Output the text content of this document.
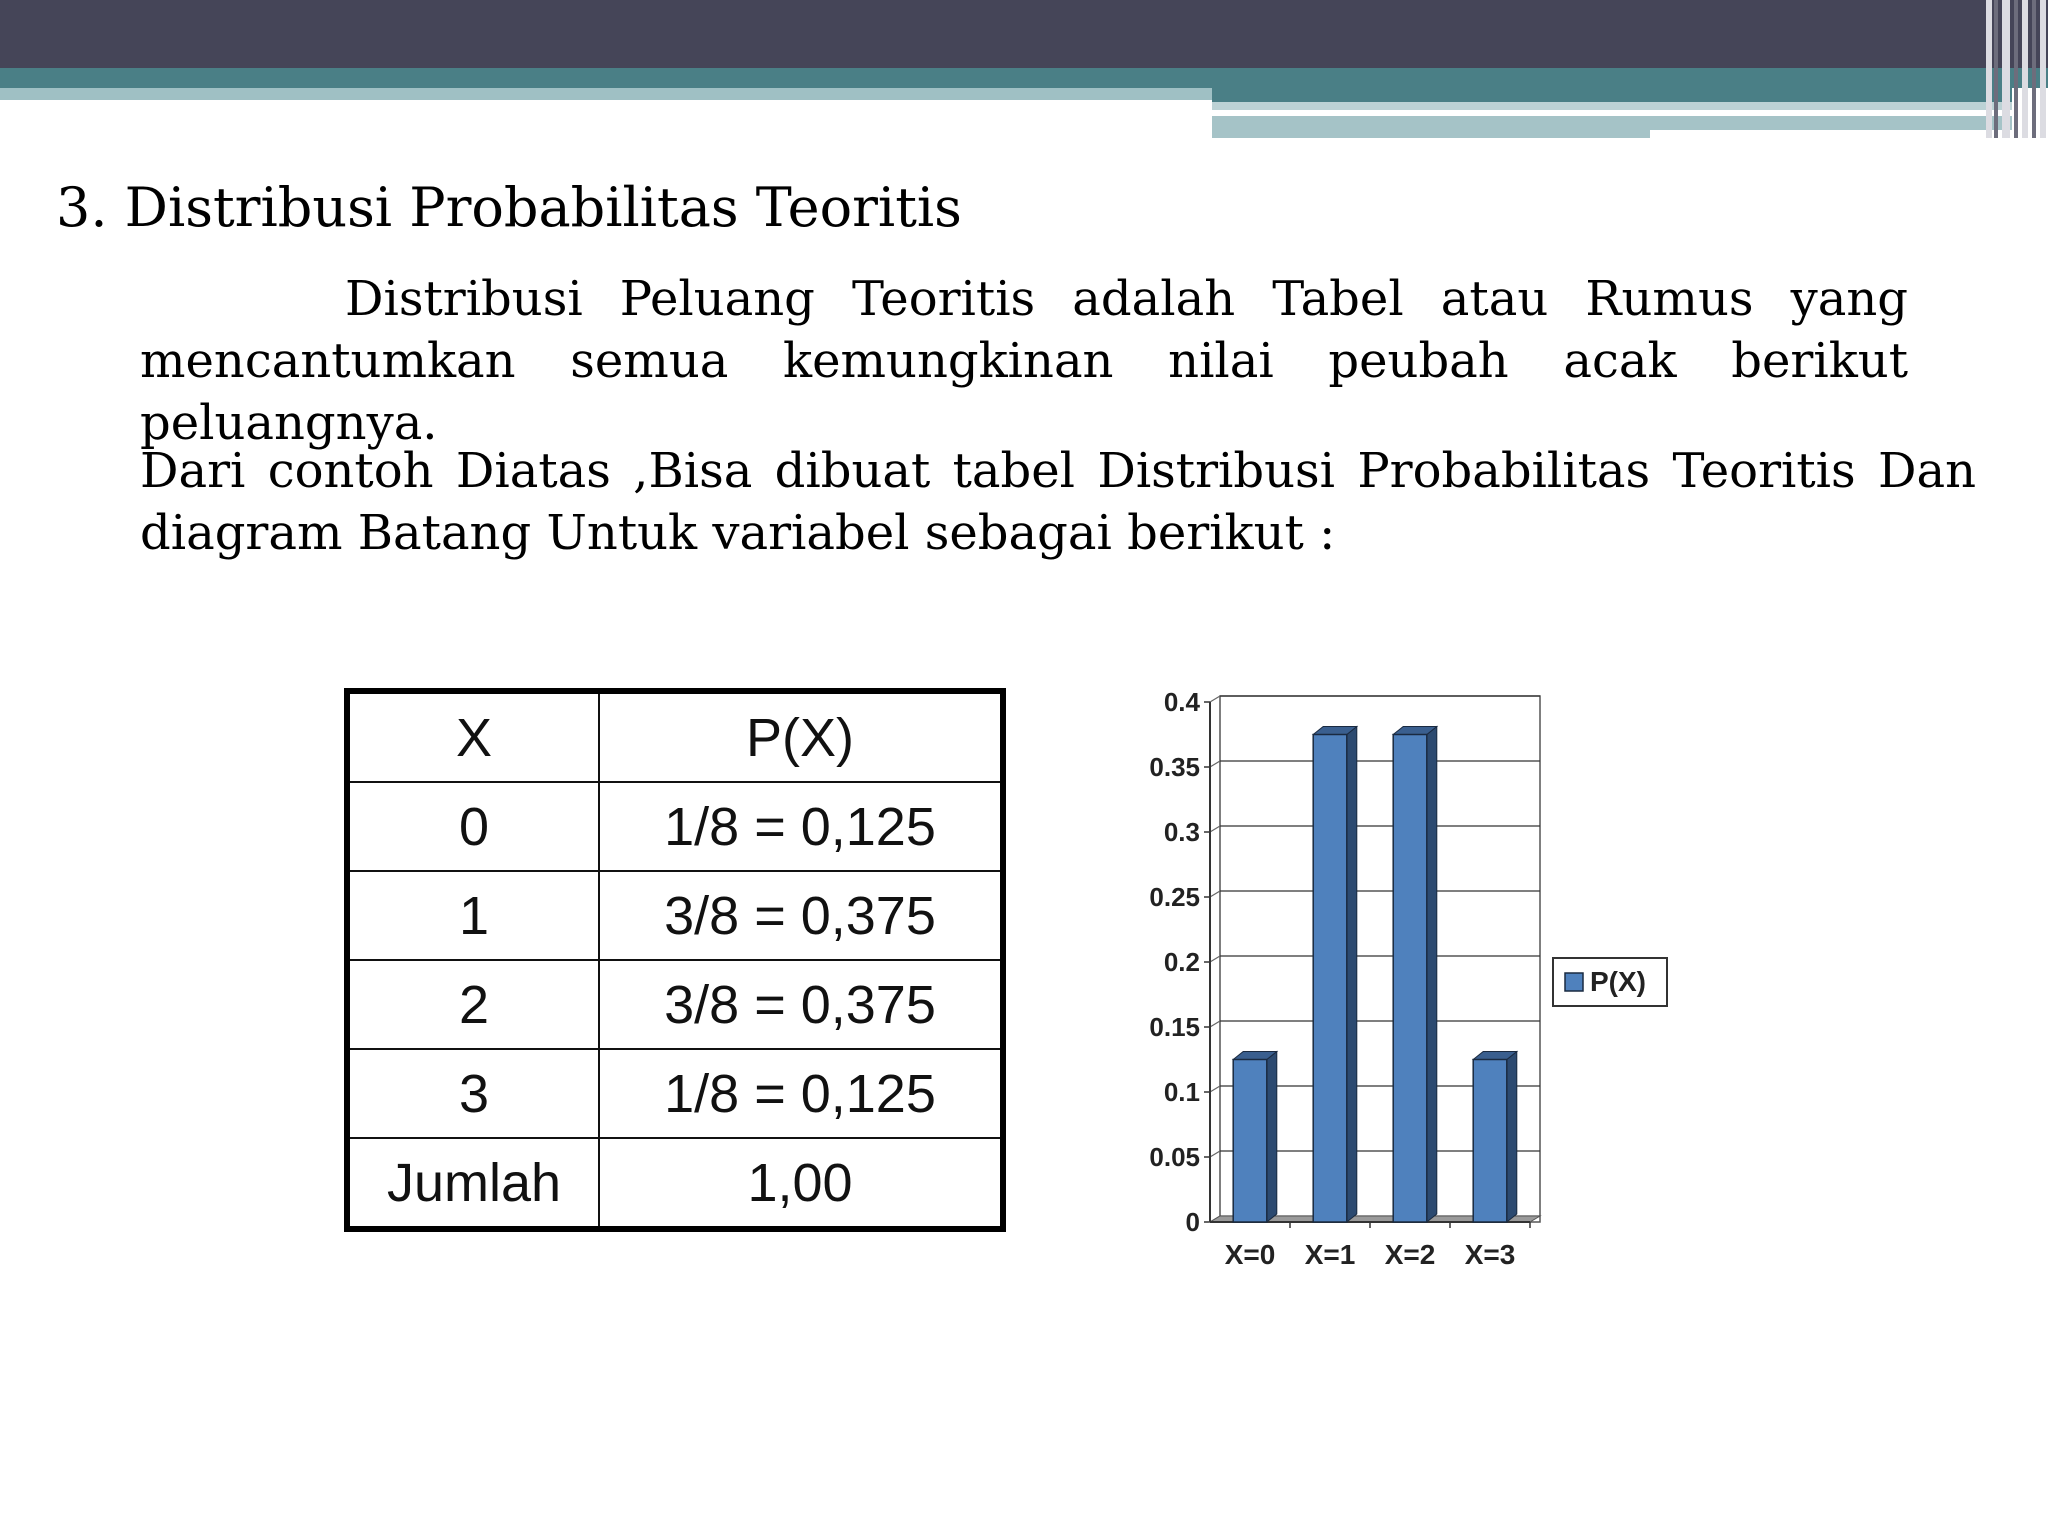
3. Distribusi Probabilitas Teoritis

Distribusi Peluang Teoritis adalah Tabel atau Rumus yang mencantumkan semua kemungkinan nilai peubah acak berikut peluangnya.

Dari contoh Diatas ,Bisa dibuat tabel Distribusi Probabilitas Teoritis Dan diagram Batang Untuk variabel sebagai berikut :

X	P(X)
0	1/8 = 0,125
1	3/8 = 0,375
2	3/8 = 0,375
3	1/8 = 0,125
Jumlah	1,00
0
0.05
0.1
0.15
0.2
0.25
0.3
0.35
0.4
X=0 X=1 X=2 X=3
P(X)
